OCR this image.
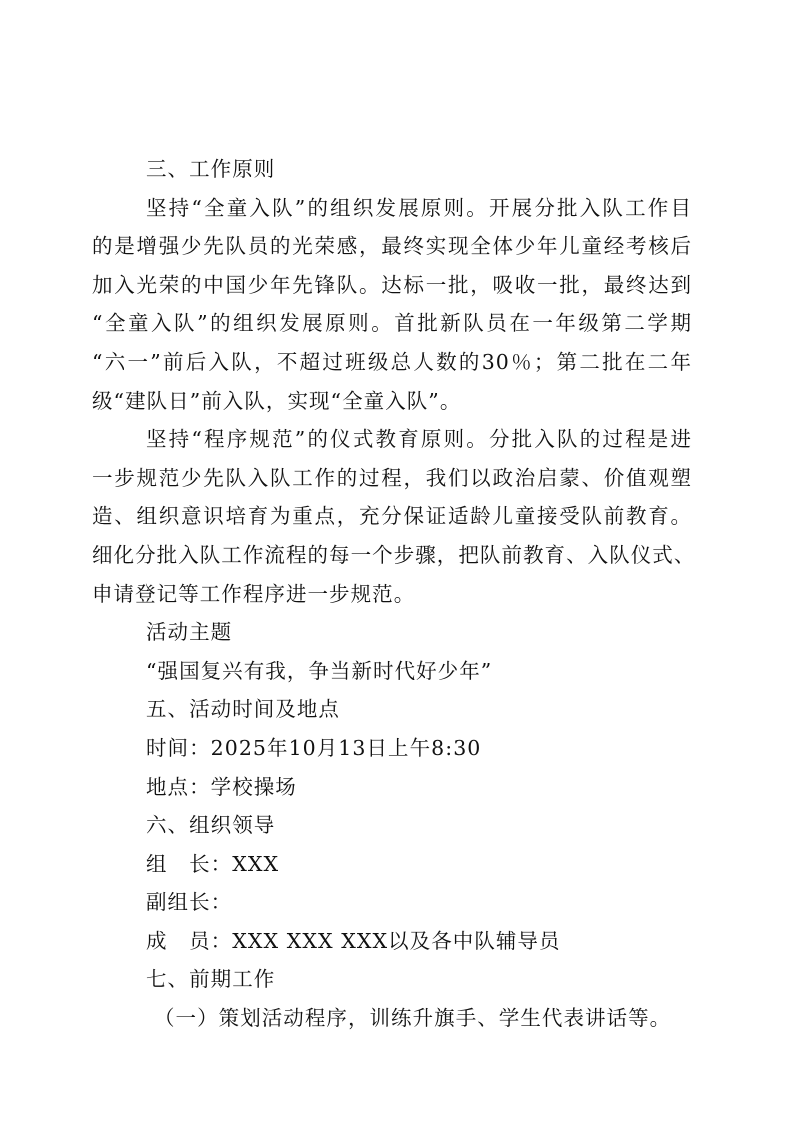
三、工作原则
坚持“全童入队”的组织发展原则。开展分批入队工作目
的是增强少先队员的光荣感，最终实现全体少年儿童经考核后
加入光荣的中国少年先锋队。达标一批，吸收一批，最终达到
“全童入队”的组织发展原则。首批新队员在一年级第二学期
“六一”前后入队，不超过班级总人数的30％；第二批在二年
级“建队日”前入队，实现“全童入队”。
坚持“程序规范”的仪式教育原则。分批入队的过程是进
一步规范少先队入队工作的过程，我们以政治启蒙、价值观塑
造、组织意识培育为重点，充分保证适龄儿童接受队前教育。
细化分批入队工作流程的每一个步骤，把队前教育、入队仪式、
申请登记等工作程序进一步规范。
活动主题
“强国复兴有我，争当新时代好少年”
五、活动时间及地点
时间：2025年10月13日上午8:30
地点：学校操场
六、组织领导
组　长：XXX
副组长：
成　员：XXX XXX XXX以及各中队辅导员
七、前期工作
（一）策划活动程序，训练升旗手、学生代表讲话等。
